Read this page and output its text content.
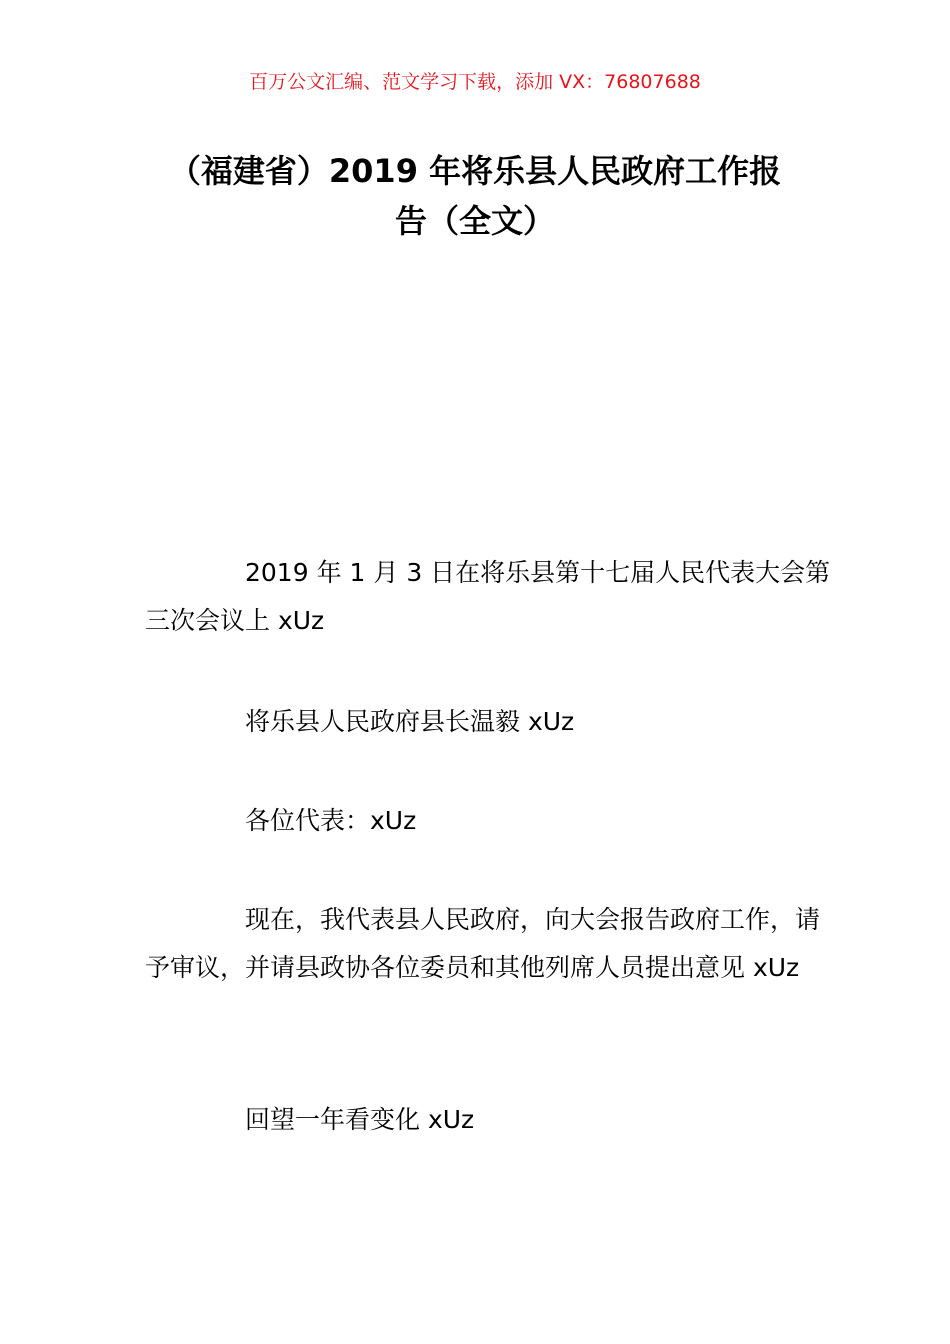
百万公文汇编、范文学习下载，添加 VX：76807688
（福建省）2019 年将乐县人民政府工作报
告（全文）

2019 年 1 月 3 日在将乐县第十七届人民代表大会第三次会议上 xUz

将乐县人民政府县长温毅 xUz

各位代表：xUz

现在，我代表县人民政府，向大会报告政府工作，请予审议，并请县政协各位委员和其他列席人员提出意见 xUz

回望一年看变化 xUz
